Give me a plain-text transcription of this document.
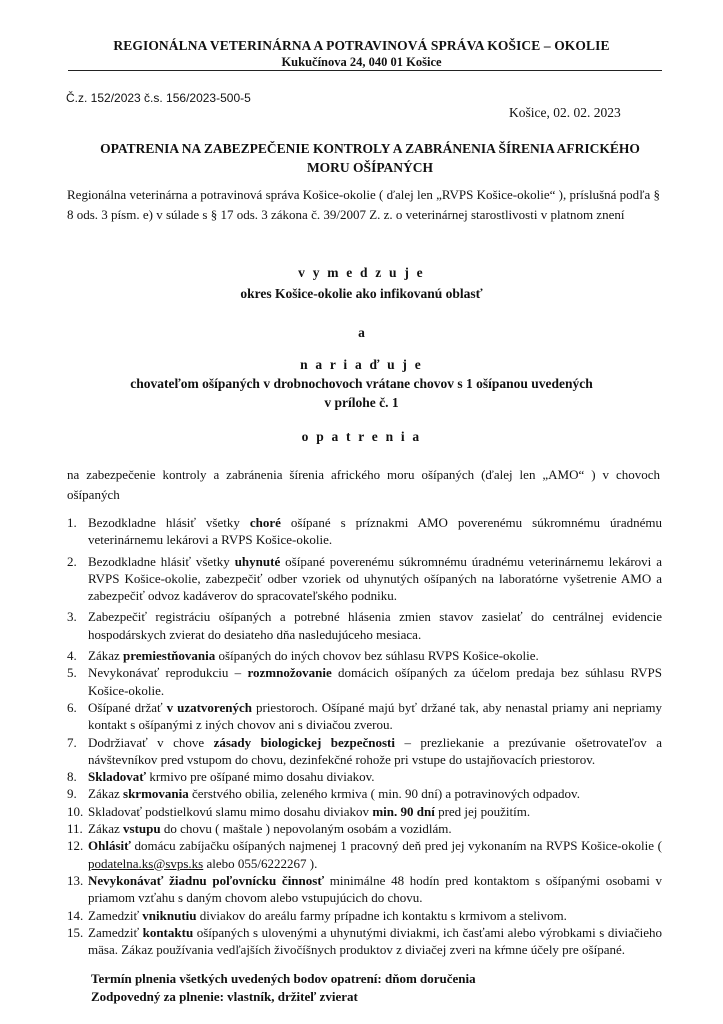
REGIONÁLNA VETERINÁRNA A POTRAVINOVÁ SPRÁVA KOŠICE – OKOLIE
Kukučínova 24, 040 01 Košice
Č.z. 152/2023 č.s. 156/2023-500-5
Košice, 02. 02. 2023
OPATRENIA NA ZABEZPEČENIE KONTROLY A ZABRÁNENIA ŠÍRENIA AFRICKÉHO
MORU OŠÍPANÝCH
Regionálna veterinárna a potravinová správa Košice-okolie ( ďalej len „RVPS Košice-okolie“ ), príslušná podľa § 8 ods. 3 písm. e) v súlade s § 17 ods. 3 zákona č. 39/2007 Z. z. o veterinárnej starostlivosti v platnom znení
v y m e d z u j e
okres Košice-okolie ako infikovanú oblasť
a
n a r i a ď u j e
chovateľom ošípaných v drobnochovoch vrátane chovov s 1 ošípanou uvedených
v prílohe č. 1
o p a t r e n i a
na zabezpečenie kontroly a zabránenia šírenia afrického moru ošípaných (ďalej len „AMO“ ) v chovoch ošípaných
1. Bezodkladne hlásiť všetky choré ošípané s príznakmi AMO poverenému súkromnému úradnému veterinárnemu lekárovi a RVPS Košice-okolie.
2. Bezodkladne hlásiť všetky uhynuté ošípané poverenému súkromnému úradnému veterinárnemu lekárovi a RVPS Košice-okolie, zabezpečiť odber vzoriek od uhynutých ošípaných na laboratórne vyšetrenie AMO a zabezpečiť odvoz kadáverov do spracovateľského podniku.
3. Zabezpečiť registráciu ošípaných a potrebné hlásenia zmien stavov zasielať do centrálnej evidencie hospodárskych zvierat do desiateho dňa nasledujúceho mesiaca.
4. Zákaz premiestňovania ošípaných do iných chovov bez súhlasu RVPS Košice-okolie.
5. Nevykonávať reprodukciu – rozmnožovanie domácich ošípaných za účelom predaja bez súhlasu RVPS Košice-okolie.
6. Ošípané držať v uzatvorených priestoroch. Ošípané majú byť držané tak, aby nenastal priamy ani nepriamy kontakt s ošípanými z iných chovov ani s diviačou zverou.
7. Dodržiavať v chove zásady biologickej bezpečnosti – prezliekanie a prezúvanie ošetrovateľov a návštevníkov pred vstupom do chovu, dezinfekčné rohože pri vstupe do ustajňovacích priestorov.
8. Skladovať krmivo pre ošípané mimo dosahu diviakov.
9. Zákaz skrmovania čerstvého obilia, zeleného krmiva ( min. 90 dní) a potravinových odpadov.
10. Skladovať podstielkovú slamu mimo dosahu diviakov min. 90 dní pred jej použitím.
11. Zákaz vstupu do chovu ( maštale ) nepovolaným osobám a vozidlám.
12. Ohlásiť domácu zabíjačku ošípaných najmenej 1 pracovný deň pred jej vykonaním na RVPS Košice-okolie ( podatelna.ks@svps.ks alebo 055/6222267 ).
13. Nevykonávať žiadnu poľovnícku činnosť minimálne 48 hodín pred kontaktom s ošípanými osobami v priamom vzťahu s daným chovom alebo vstupujúcich do chovu.
14. Zamedziť vniknutiu diviakov do areálu farmy prípadne ich kontaktu s krmivom a stelivom.
15. Zamedziť kontaktu ošípaných s ulovenými a uhynutými diviakmi, ich časťami alebo výrobkami s diviačieho mäsa. Zákaz používania vedľajších živočíšnych produktov z diviačej zveri na kŕmne účely pre ošípané.
Termín plnenia všetkých uvedených bodov opatrení: dňom doručenia
Zodpovedný za plnenie: vlastník, držiteľ zvierat
